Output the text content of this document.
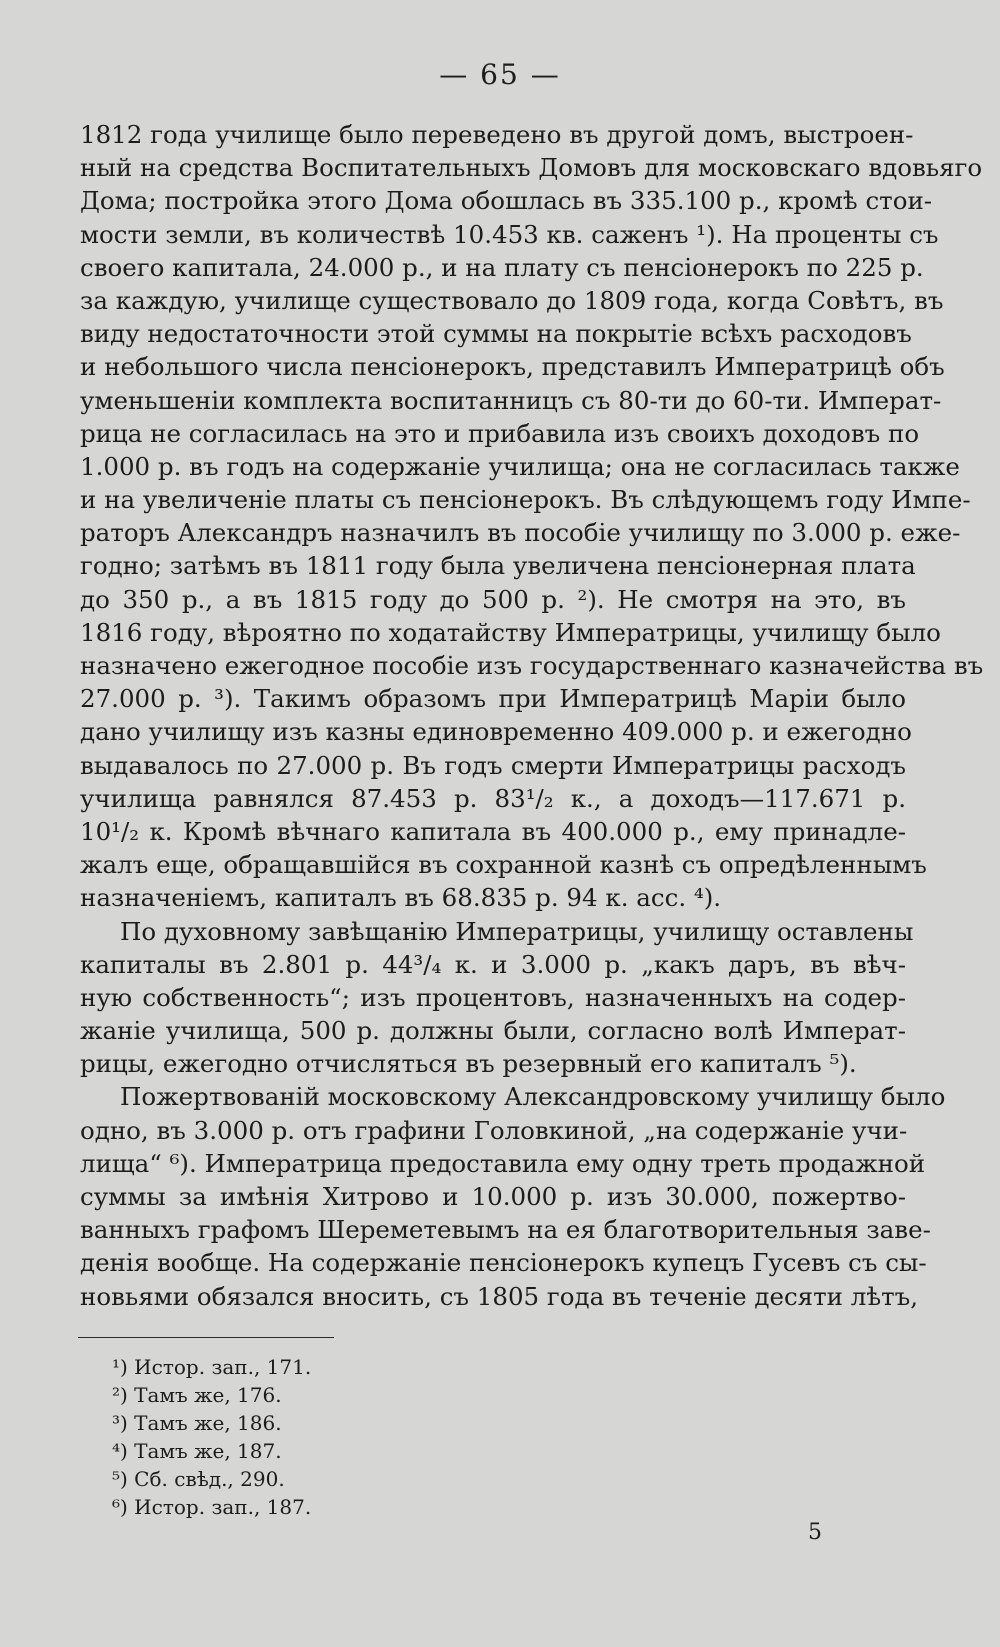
— 65 —
1812 года училище было переведено въ другой домъ, выстроен-
ный на средства Воспитательныхъ Домовъ для московскаго вдовьяго
Дома; постройка этого Дома обошлась въ 335.100 р., кромѣ стои-
мости земли, въ количествѣ 10.453 кв. саженъ ¹). На проценты съ
своего капитала, 24.000 р., и на плату съ пенсіонерокъ по 225 р.
за каждую, училище существовало до 1809 года, когда Совѣтъ, въ
виду недостаточности этой суммы на покрытіе всѣхъ расходовъ
и небольшого числа пенсіонерокъ, представилъ Императрицѣ объ
уменьшеніи комплекта воспитанницъ съ 80-ти до 60-ти. Императ-
рица не согласилась на это и прибавила изъ своихъ доходовъ по
1.000 р. въ годъ на содержаніе училища; она не согласилась также
и на увеличеніе платы съ пенсіонерокъ. Въ слѣдующемъ году Импе-
раторъ Александръ назначилъ въ пособіе училищу по 3.000 р. еже-
годно; затѣмъ въ 1811 году была увеличена пенсіонерная плата
до 350 р., а въ 1815 году до 500 р. ²). Не смотря на это, въ
1816 году, вѣроятно по ходатайству Императрицы, училищу было
назначено ежегодное пособіе изъ государственнаго казначейства въ
27.000 р. ³). Такимъ образомъ при Императрицѣ Маріи было
дано училищу изъ казны единовременно 409.000 р. и ежегодно
выдавалось по 27.000 р. Въ годъ смерти Императрицы расходъ
училища равнялся 87.453 р. 83¹/₂ к., а доходъ—117.671 р.
10¹/₂ к. Кромѣ вѣчнаго капитала въ 400.000 р., ему принадле-
жалъ еще, обращавшійся въ сохранной казнѣ съ опредѣленнымъ
назначеніемъ, капиталъ въ 68.835 р. 94 к. асс. ⁴).
По духовному завѣщанію Императрицы, училищу оставлены
капиталы въ 2.801 р. 44³/₄ к. и 3.000 р. „какъ даръ, въ вѣч-
ную собственность“; изъ процентовъ, назначенныхъ на содер-
жаніе училища, 500 р. должны были, согласно волѣ Императ-
рицы, ежегодно отчисляться въ резервный его капиталъ ⁵).
Пожертвованій московскому Александровскому училищу было
одно, въ 3.000 р. отъ графини Головкиной, „на содержаніе учи-
лища“ ⁶). Императрица предоставила ему одну треть продажной
суммы за имѣнія Хитрово и 10.000 р. изъ 30.000, пожертво-
ванныхъ графомъ Шереметевымъ на ея благотворительныя заве-
денія вообще. На содержаніе пенсіонерокъ купецъ Гусевъ съ сы-
новьями обязался вносить, съ 1805 года въ теченіе десяти лѣтъ,
¹) Истор. зап., 171.
²) Тамъ же, 176.
³) Тамъ же, 186.
⁴) Тамъ же, 187.
⁵) Сб. свѣд., 290.
⁶) Истор. зап., 187.
5
